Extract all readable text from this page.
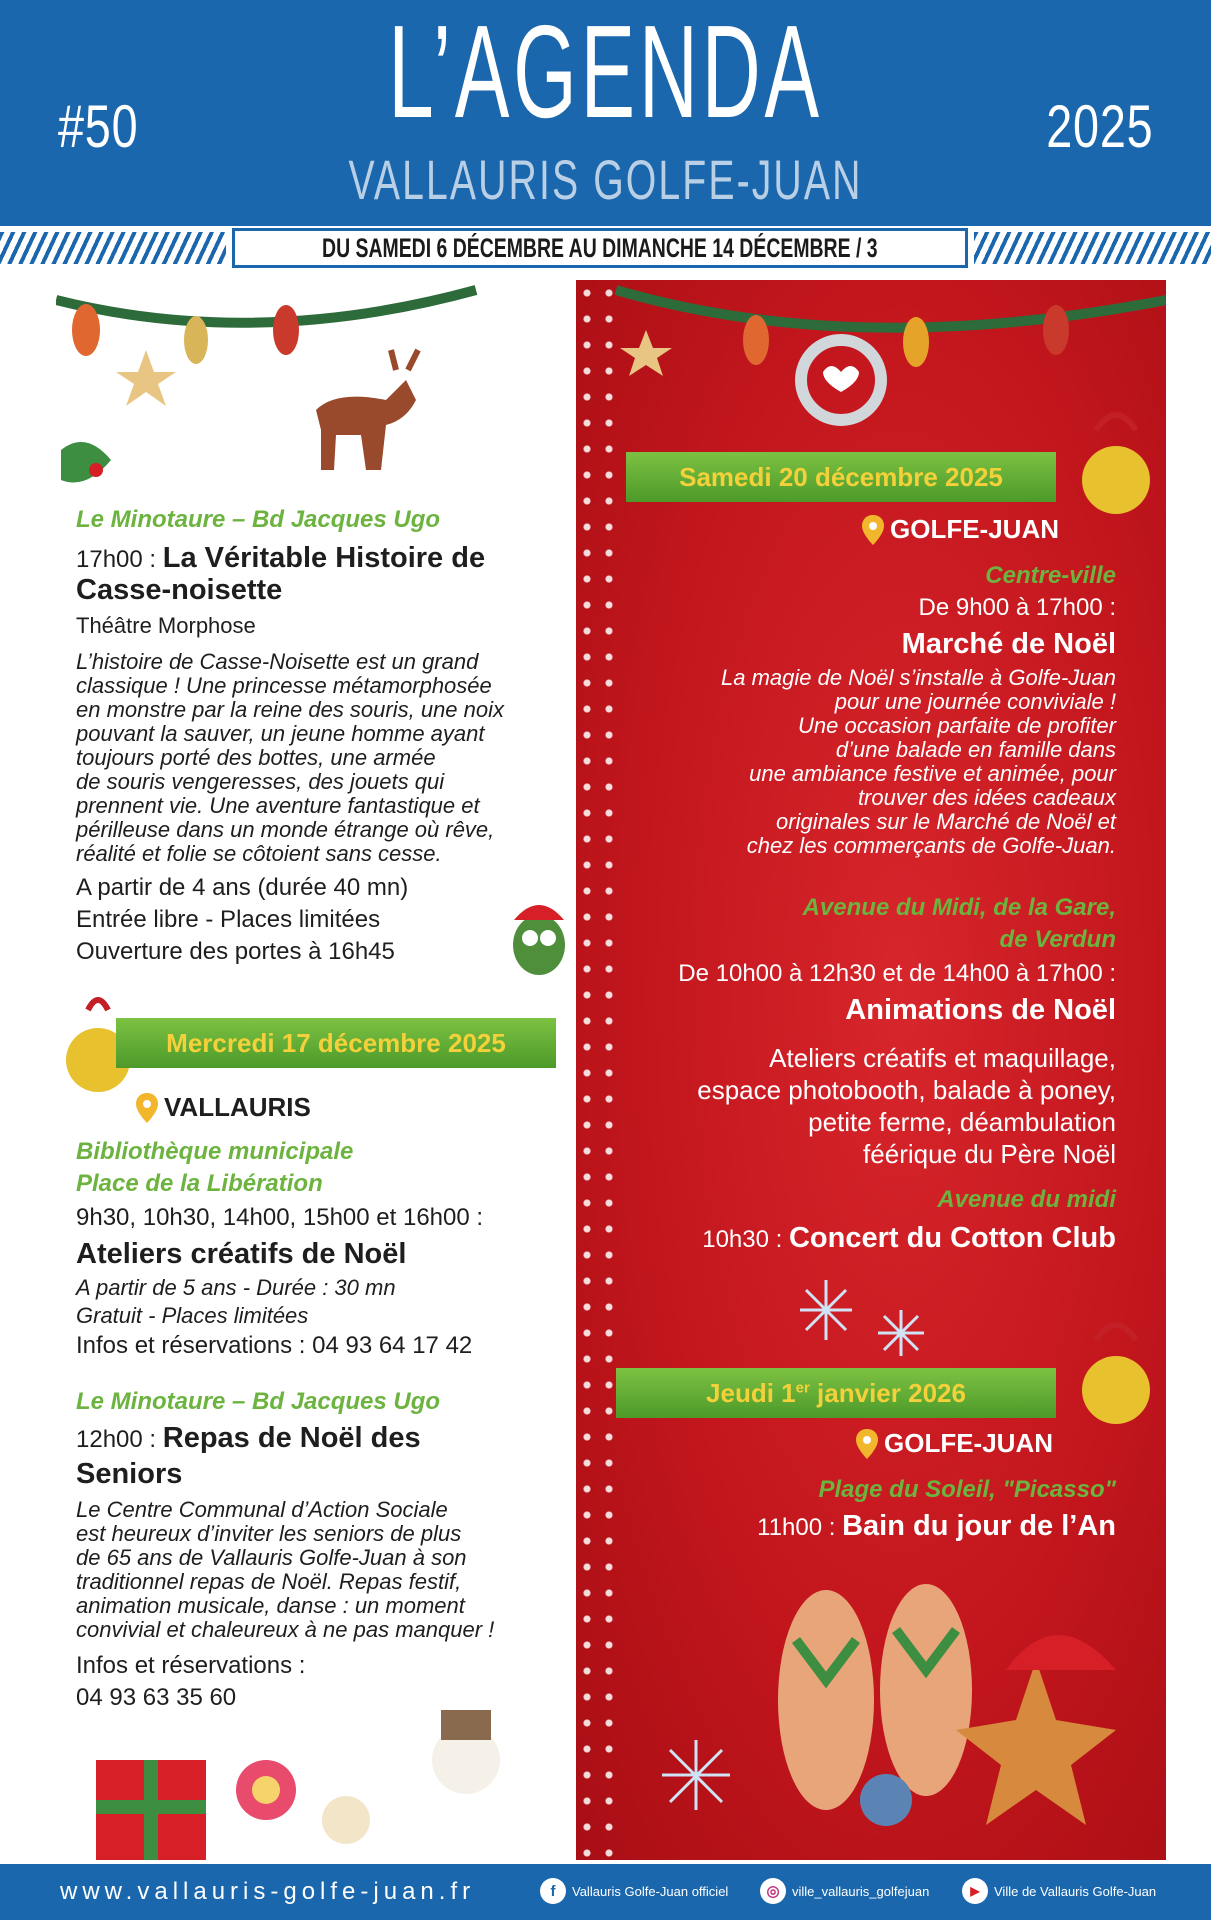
#50	L’AGENDA
VALLAURIS GOLFE-JUAN
2025
DU SAMEDI 6 DÉCEMBRE AU DIMANCHE 14 DÉCEMBRE / 3
Le Minotaure – Bd Jacques Ugo
17h00 : La Véritable Histoire de
Casse-noisette
Théâtre Morphose
L’histoire de Casse-Noisette est un grand
classique ! Une princesse métamorphosée
en monstre par la reine des souris, une noix
pouvant la sauver, un jeune homme ayant
toujours porté des bottes, une armée
de souris vengeresses, des jouets qui
prennent vie. Une aventure fantastique et
périlleuse dans un monde étrange où rêve,
réalité et folie se côtoient sans cesse.
A partir de 4 ans (durée 40 mn)
Entrée libre - Places limitées
Ouverture des portes à 16h45
Mercredi 17 décembre 2025
VALLAURIS
Bibliothèque municipale
Place de la Libération
9h30, 10h30, 14h00, 15h00 et 16h00 :
Ateliers créatifs de Noël
A partir de 5 ans - Durée : 30 mn
Gratuit - Places limitées
Infos et réservations : 04 93 64 17 42
Le Minotaure – Bd Jacques Ugo
12h00 : Repas de Noël des
Seniors
Le Centre Communal d’Action Sociale
est heureux d’inviter les seniors de plus
de 65 ans de Vallauris Golfe-Juan à son
traditionnel repas de Noël. Repas festif,
animation musicale, danse : un moment
convivial et chaleureux à ne pas manquer !
Infos et réservations :
04 93 63 35 60
Samedi 20 décembre 2025
GOLFE-JUAN
Centre-ville
De 9h00 à 17h00 :
Marché de Noël
La magie de Noël s’installe à Golfe-Juan
pour une journée conviviale !
Une occasion parfaite de profiter
d’une balade en famille dans
une ambiance festive et animée, pour
trouver des idées cadeaux
originales sur le Marché de Noël et
chez les commerçants de Golfe-Juan.
Avenue du Midi, de la Gare,
de Verdun
De 10h00 à 12h30 et de 14h00 à 17h00 :
Animations de Noël
Ateliers créatifs et maquillage,
espace photobooth, balade à poney,
petite ferme, déambulation
féérique du Père Noël
Avenue du midi
10h30 : Concert du Cotton Club
Jeudi 1er janvier 2026
GOLFE-JUAN
Plage du Soleil, "Picasso"
11h00 : Bain du jour de l’An
www.vallauris-golfe-juan.fr	f	Vallauris Golfe-Juan officiel	◎ ville_vallauris_golfejuan	▶	Ville de Vallauris Golfe-Juan
